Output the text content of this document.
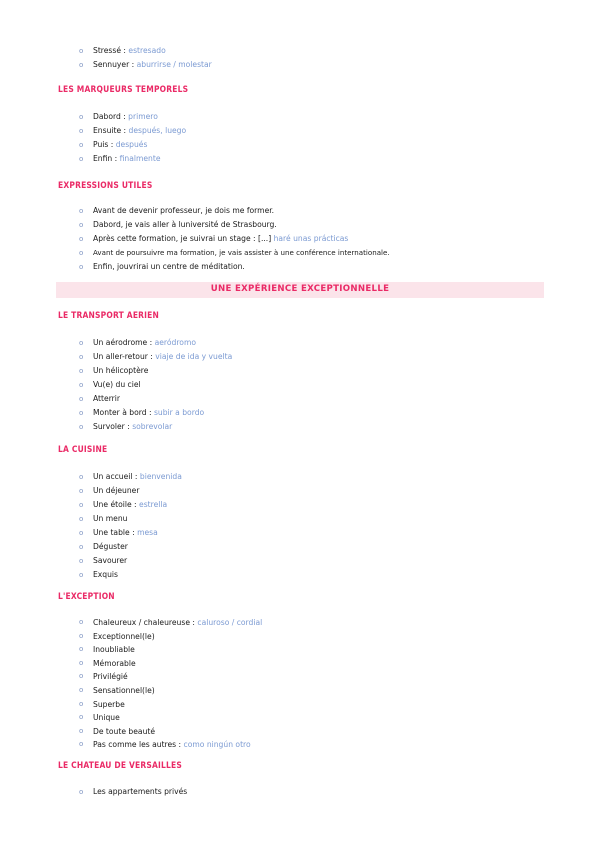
o Stressé : estresado
o Sennuyer : aburrirse / molestar
LES MARQUEURS TEMPORELS
o Dabord : primero
o Ensuite : después, luego
o Puis : después
o Enfin : finalmente
EXPRESSIONS UTILES
o Avant de devenir professeur, je dois me former.
o Dabord, je vais aller à luniversité de Strasbourg.
o Après cette formation, je suivrai un stage : [...] haré unas prácticas
o Avant de poursuivre ma formation, je vais assister à une conférence internationale.
o Enfin, jouvrirai un centre de méditation.
UNE EXPÉRIENCE EXCEPTIONNELLE
LE TRANSPORT AERIEN
o Un aérodrome : aeródromo
o Un aller-retour : viaje de ida y vuelta
o Un hélicoptère
o Vu(e) du ciel
o Atterrir
o Monter à bord : subir a bordo
o Survoler : sobrevolar
LA CUISINE
o Un accueil : bienvenida
o Un déjeuner
o Une étoile : estrella
o Un menu
o Une table : mesa
o Déguster
o Savourer
o Exquis
L'EXCEPTION
o Chaleureux / chaleureuse : caluroso / cordial
o Exceptionnel(le)
o Inoubliable
o Mémorable
o Privilégié
o Sensationnel(le)
o Superbe
o Unique
o De toute beauté
o Pas comme les autres : como ningún otro
LE CHATEAU DE VERSAILLES
o Les appartements privés
